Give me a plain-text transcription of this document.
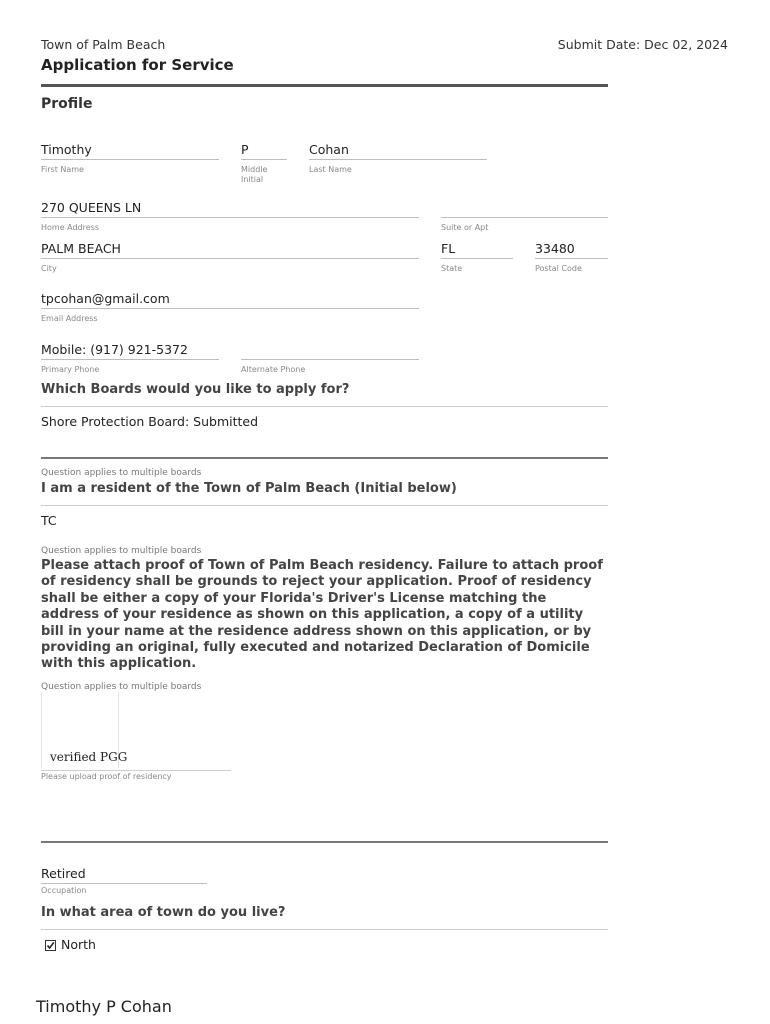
Town of Palm Beach	Submit Date: Dec 02, 2024
Application for Service
Profile
Timothy
First Name
P
Middle Initial
Cohan
Last Name
270 QUEENS LN
Home Address	Suite or Apt
PALM BEACH
City
FL
State
33480
Postal Code
tpcohan@gmail.com
Email Address
Mobile: (917) 921-5372
Primary Phone	Alternate Phone
Which Boards would you like to apply for?
Shore Protection Board: Submitted
Question applies to multiple boards
I am a resident of the Town of Palm Beach (Initial below)
TC
Question applies to multiple boards
Please attach proof of Town of Palm Beach residency. Failure to attach proof of residency shall be grounds to reject your application. Proof of residency shall be either a copy of your Florida's Driver's License matching the address of your residence as shown on this application, a copy of a utility bill in your name at the residence address shown on this application, or by providing an original, fully executed and notarized Declaration of Domicile with this application.
Question applies to multiple boards
verified PGG
Please upload proof of residency
Retired
Occupation
In what area of town do you live?
North
Timothy P Cohan
